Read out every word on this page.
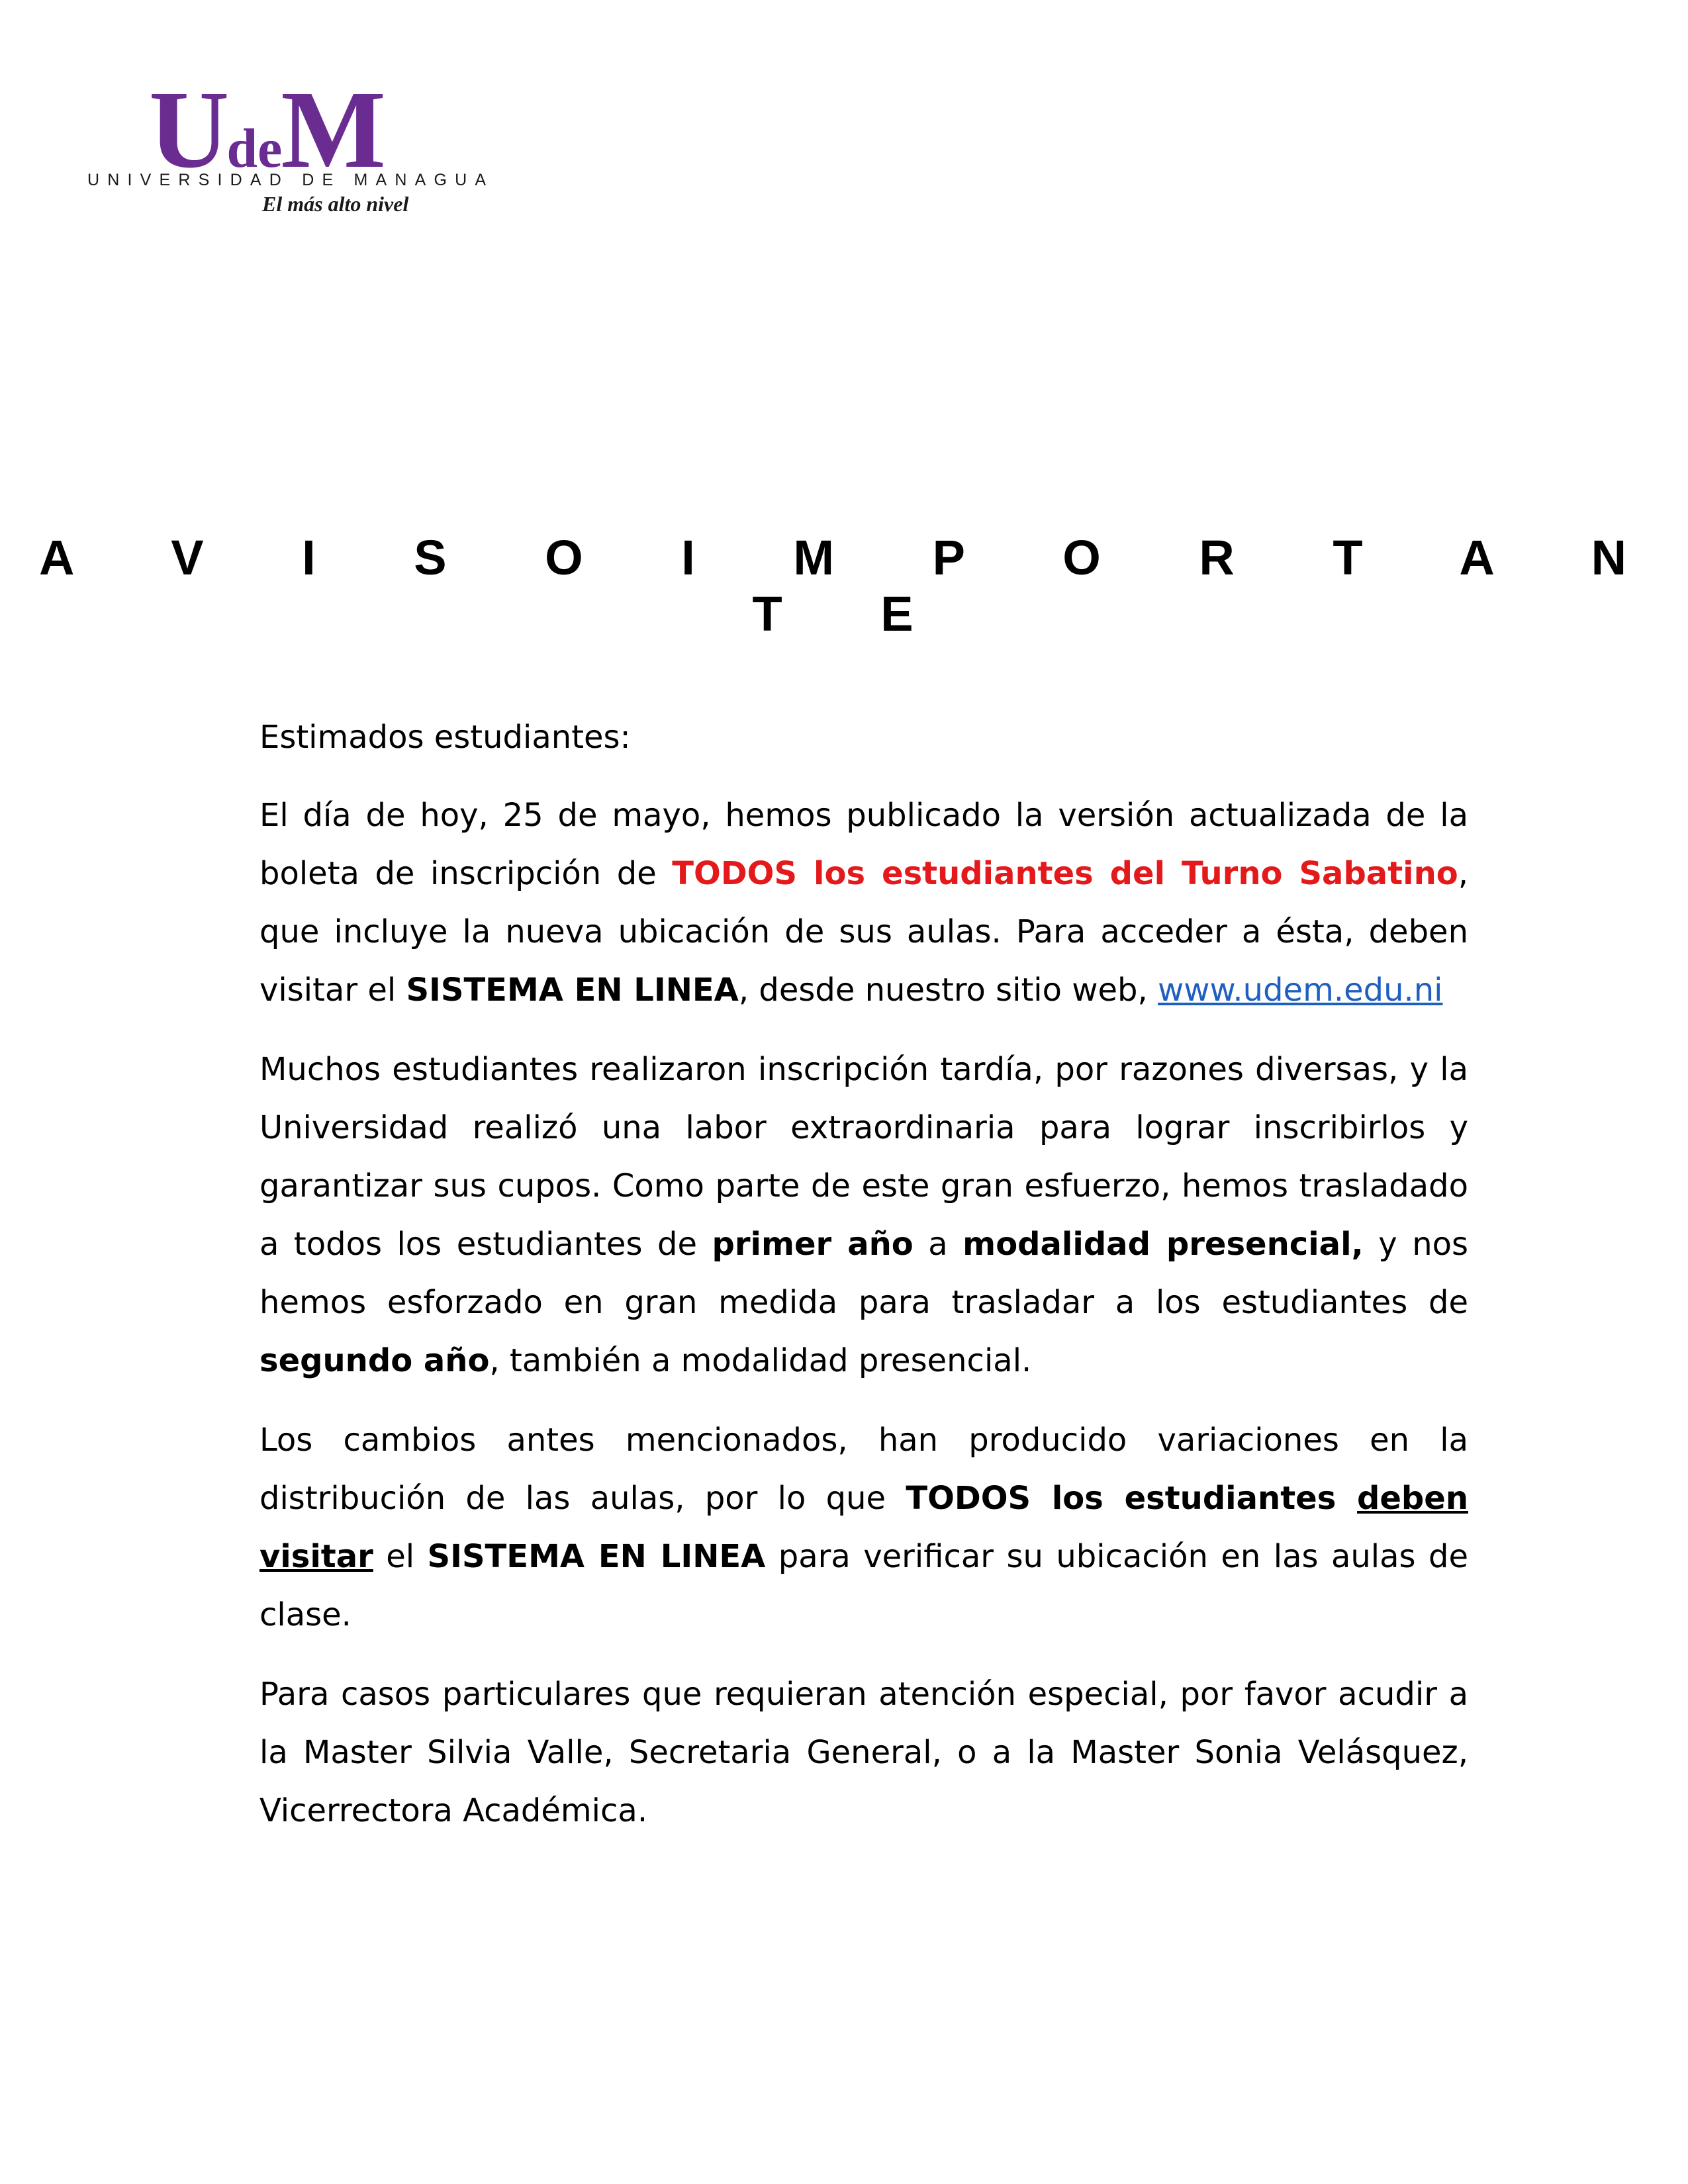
UdeM
UNIVERSIDAD DE MANAGUA
El más alto nivel
A V I S O I M P O R T A N T E

Estimados estudiantes:

El día de hoy, 25 de mayo, hemos publicado la versión actualizada de la boleta de inscripción de TODOS los estudiantes del Turno Sabatino, que incluye la nueva ubicación de sus aulas. Para acceder a ésta, deben visitar el SISTEMA EN LINEA, desde nuestro sitio web, www.udem.edu.ni

Muchos estudiantes realizaron inscripción tardía, por razones diversas, y la Universidad realizó una labor extraordinaria para lograr inscribirlos y garantizar sus cupos. Como parte de este gran esfuerzo, hemos trasladado a todos los estudiantes de primer año a modalidad presencial, y nos hemos esforzado en gran medida para trasladar a los estudiantes de segundo año, también a modalidad presencial.

Los cambios antes mencionados, han producido variaciones en la distribución de las aulas, por lo que TODOS los estudiantes deben visitar el SISTEMA EN LINEA para verificar su ubicación en las aulas de clase.

Para casos particulares que requieran atención especial, por favor acudir a la Master Silvia Valle, Secretaria General, o a la Master Sonia Velásquez, Vicerrectora Académica.
